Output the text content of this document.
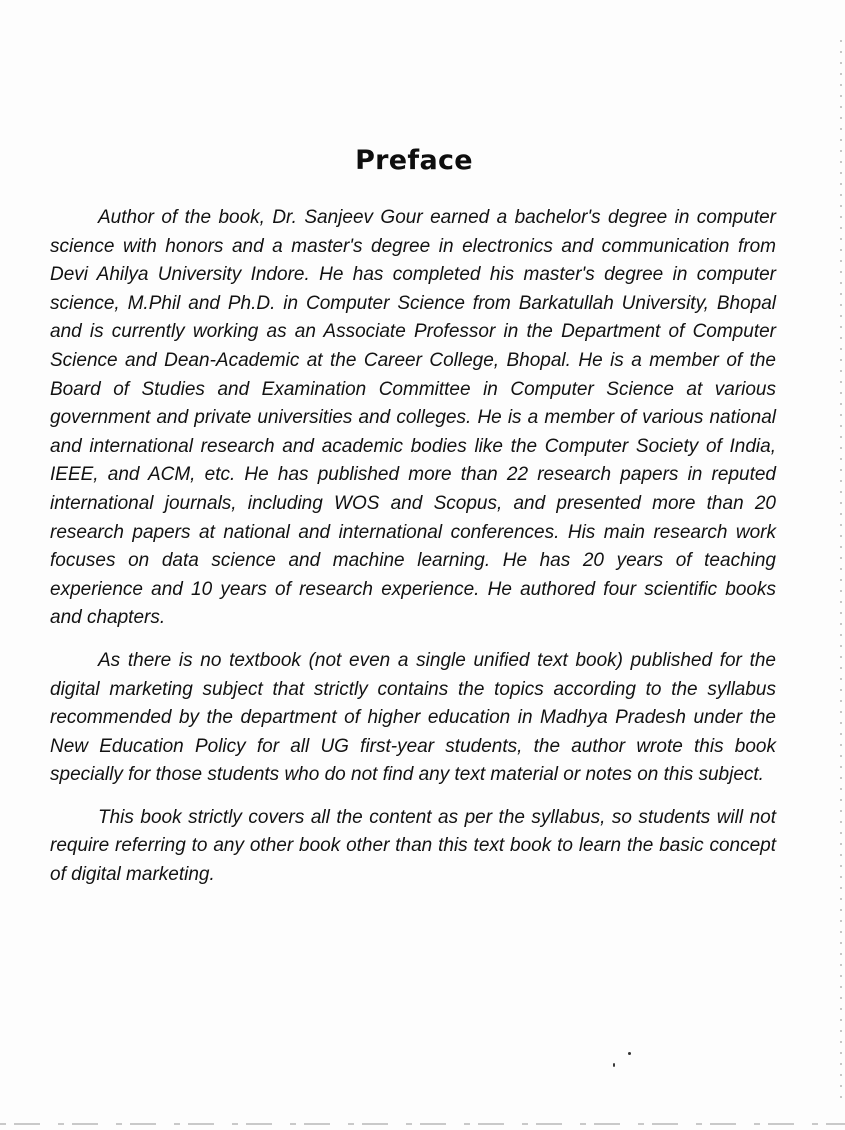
Preface

Author of the book, Dr. Sanjeev Gour earned a bachelor's degree in computer science with honors and a master's degree in electronics and communication from Devi Ahilya University Indore. He has completed his master's degree in computer science, M.Phil and Ph.D. in Computer Science from Barkatullah University, Bhopal and is currently working as an Associate Professor in the Department of Computer Science and Dean-Academic at the Career College, Bhopal. He is a member of the Board of Studies and Examination Committee in Computer Science at various government and private universities and colleges. He is a member of various national and international research and academic bodies like the Computer Society of India, IEEE, and ACM, etc. He has published more than 22 research papers in reputed international journals, including WOS and Scopus, and presented more than 20 research papers at national and international conferences. His main research work focuses on data science and machine learning. He has 20 years of teaching experience and 10 years of research experience. He authored four scientific books and chapters.

As there is no textbook (not even a single unified text book) published for the digital marketing subject that strictly contains the topics according to the syllabus recommended by the department of higher education in Madhya Pradesh under the New Education Policy for all UG first-year students, the author wrote this book specially for those students who do not find any text material or notes on this subject.

This book strictly covers all the content as per the syllabus, so students will not require referring to any other book other than this text book to learn the basic concept of digital marketing.
